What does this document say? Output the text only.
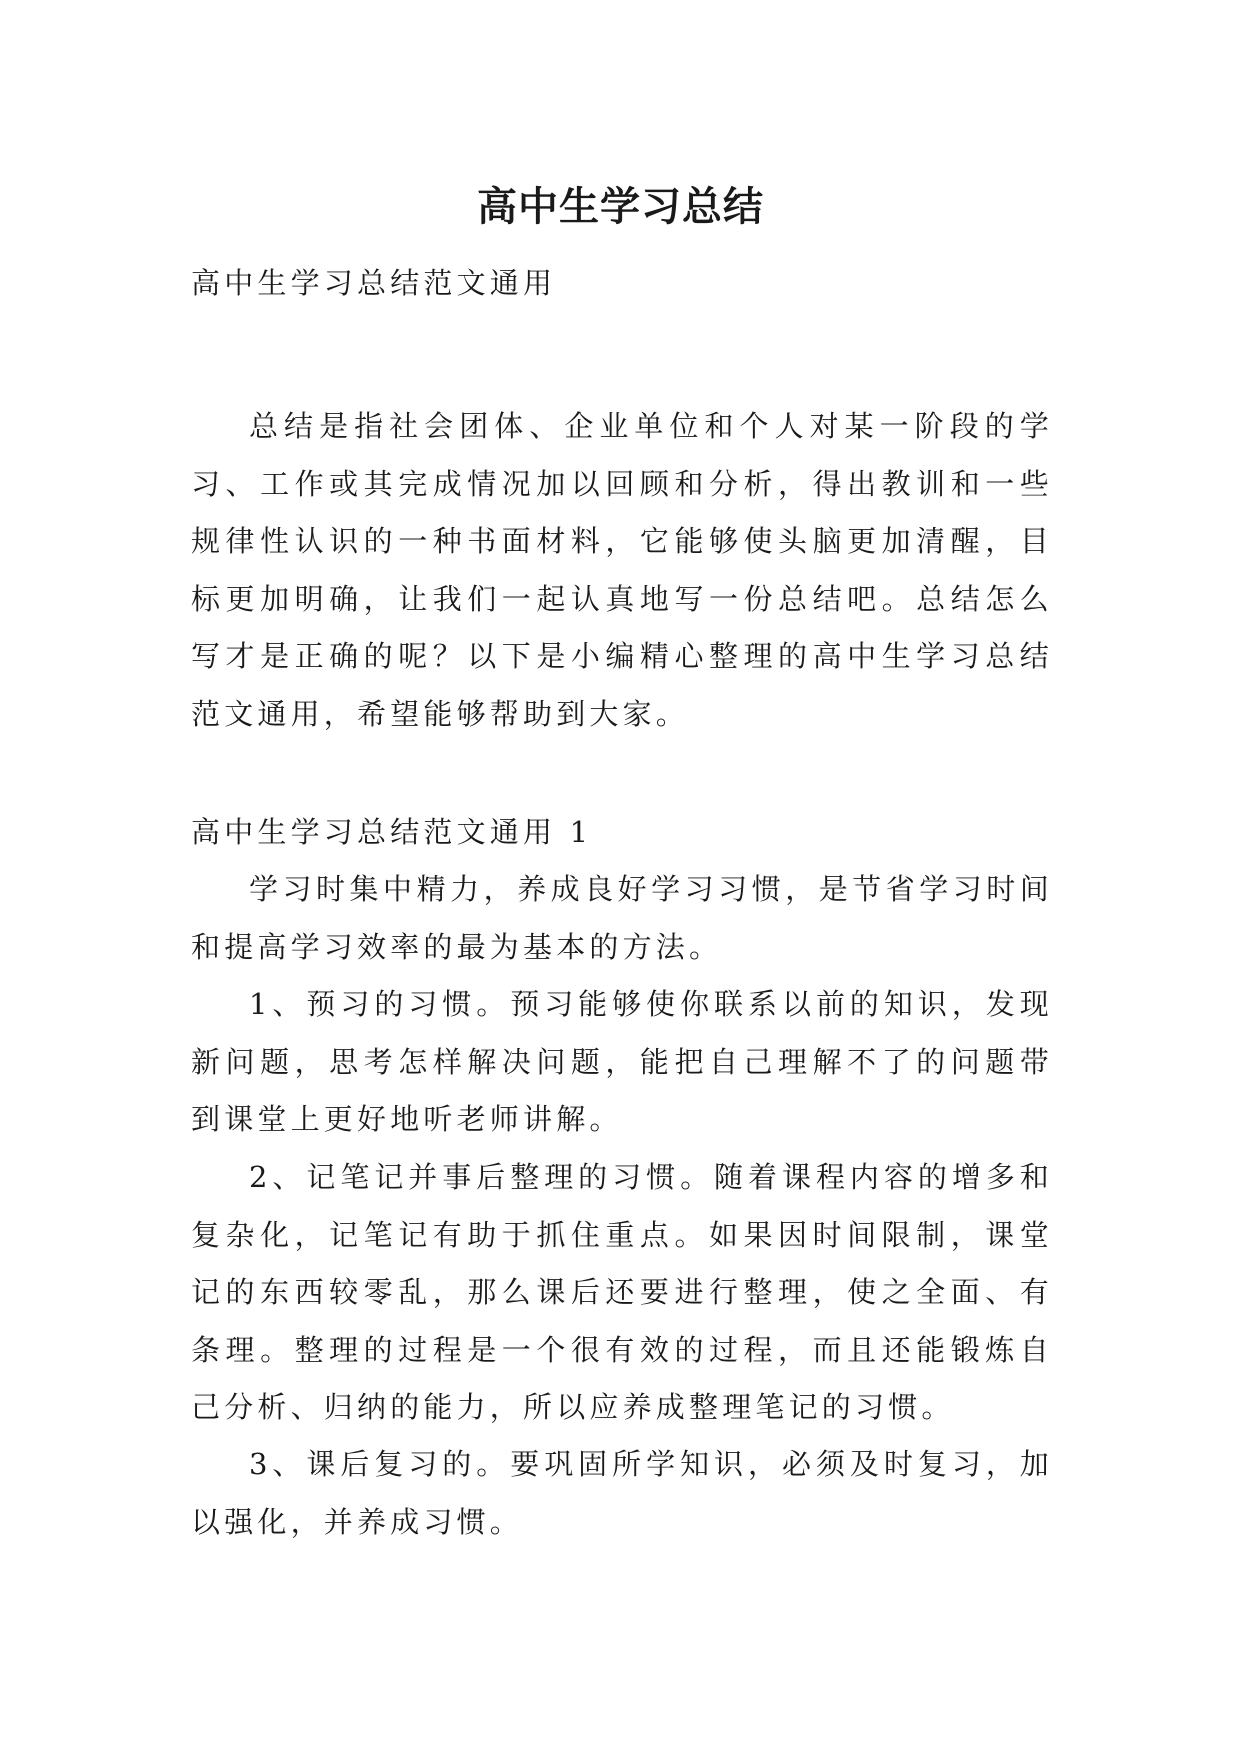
高中生学习总结

高中生学习总结范文通用

总结是指社会团体、企业单位和个人对某一阶段的学习、工作或其完成情况加以回顾和分析，得出教训和一些规律性认识的一种书面材料，它能够使头脑更加清醒，目标更加明确，让我们一起认真地写一份总结吧。总结怎么写才是正确的呢？以下是小编精心整理的高中生学习总结范文通用，希望能够帮助到大家。

高中生学习总结范文通用 1

学习时集中精力，养成良好学习习惯，是节省学习时间和提高学习效率的最为基本的方法。

1、预习的习惯。预习能够使你联系以前的知识，发现新问题，思考怎样解决问题，能把自己理解不了的问题带到课堂上更好地听老师讲解。

2、记笔记并事后整理的习惯。随着课程内容的增多和复杂化，记笔记有助于抓住重点。如果因时间限制，课堂记的东西较零乱，那么课后还要进行整理，使之全面、有条理。整理的过程是一个很有效的过程，而且还能锻炼自己分析、归纳的能力，所以应养成整理笔记的习惯。

3、课后复习的。要巩固所学知识，必须及时复习，加以强化，并养成习惯。
